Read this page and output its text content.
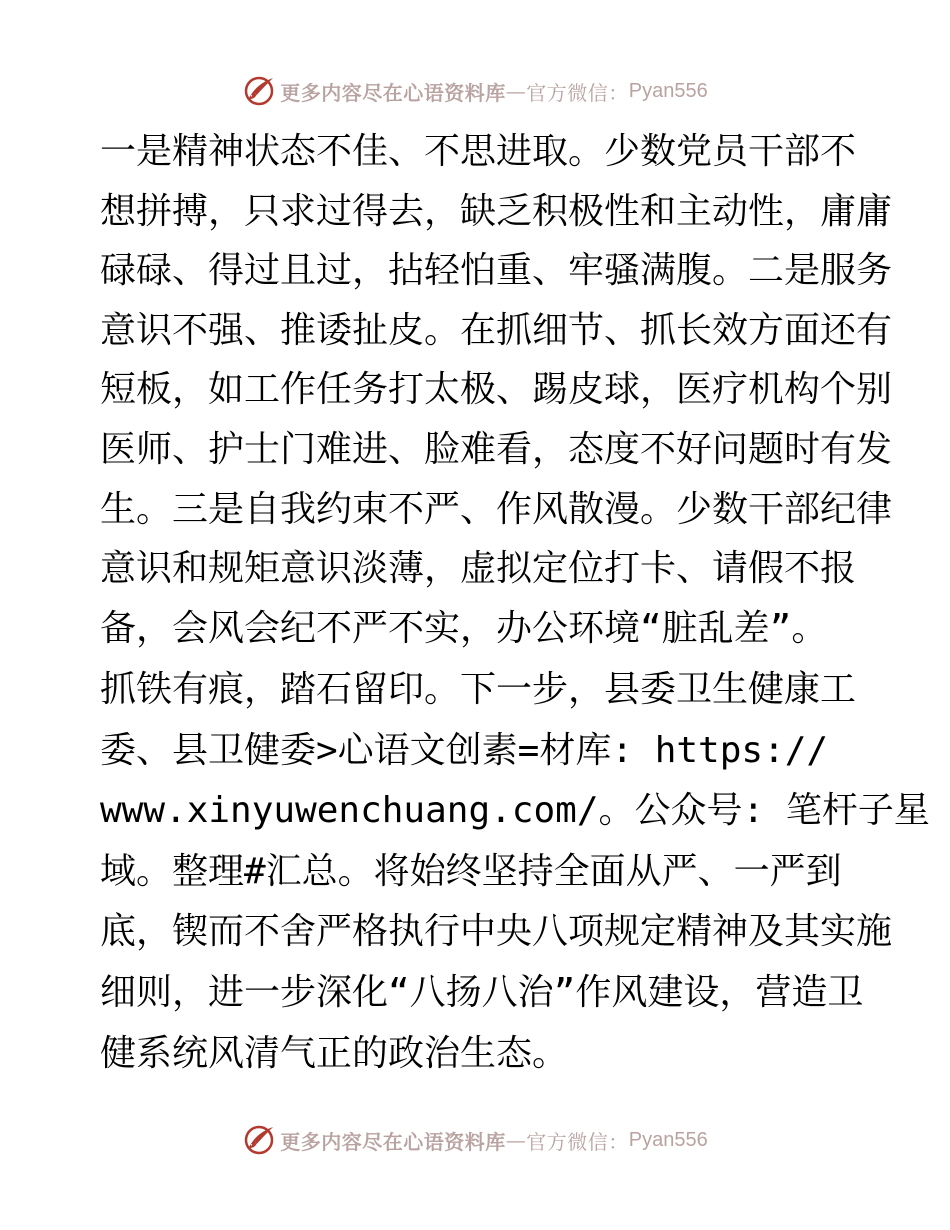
更多内容尽在心语资料库 — 官方微信： Pyan556
一是精神状态不佳、不思进取。少数党员干部不
想拼搏，只求过得去，缺乏积极性和主动性，庸庸
碌碌、得过且过，拈轻怕重、牢骚满腹。二是服务
意识不强、推诿扯皮。在抓细节、抓长效方面还有
短板，如工作任务打太极、踢皮球，医疗机构个别
医师、护士门难进、脸难看，态度不好问题时有发
生。三是自我约束不严、作风散漫。少数干部纪律
意识和规矩意识淡薄，虚拟定位打卡、请假不报
备，会风会纪不严不实，办公环境“脏乱差”。
抓铁有痕，踏石留印。下一步，县委卫生健康工
委、县卫健委>心语文创素=材库: https://
www.xinyuwenchuang.com/。公众号: 笔杆子星
域。整理#汇总。将始终坚持全面从严、一严到
底，锲而不舍严格执行中央八项规定精神及其实施
细则，进一步深化“八扬八治”作风建设，营造卫
健系统风清气正的政治生态。
更多内容尽在心语资料库 — 官方微信： Pyan556
